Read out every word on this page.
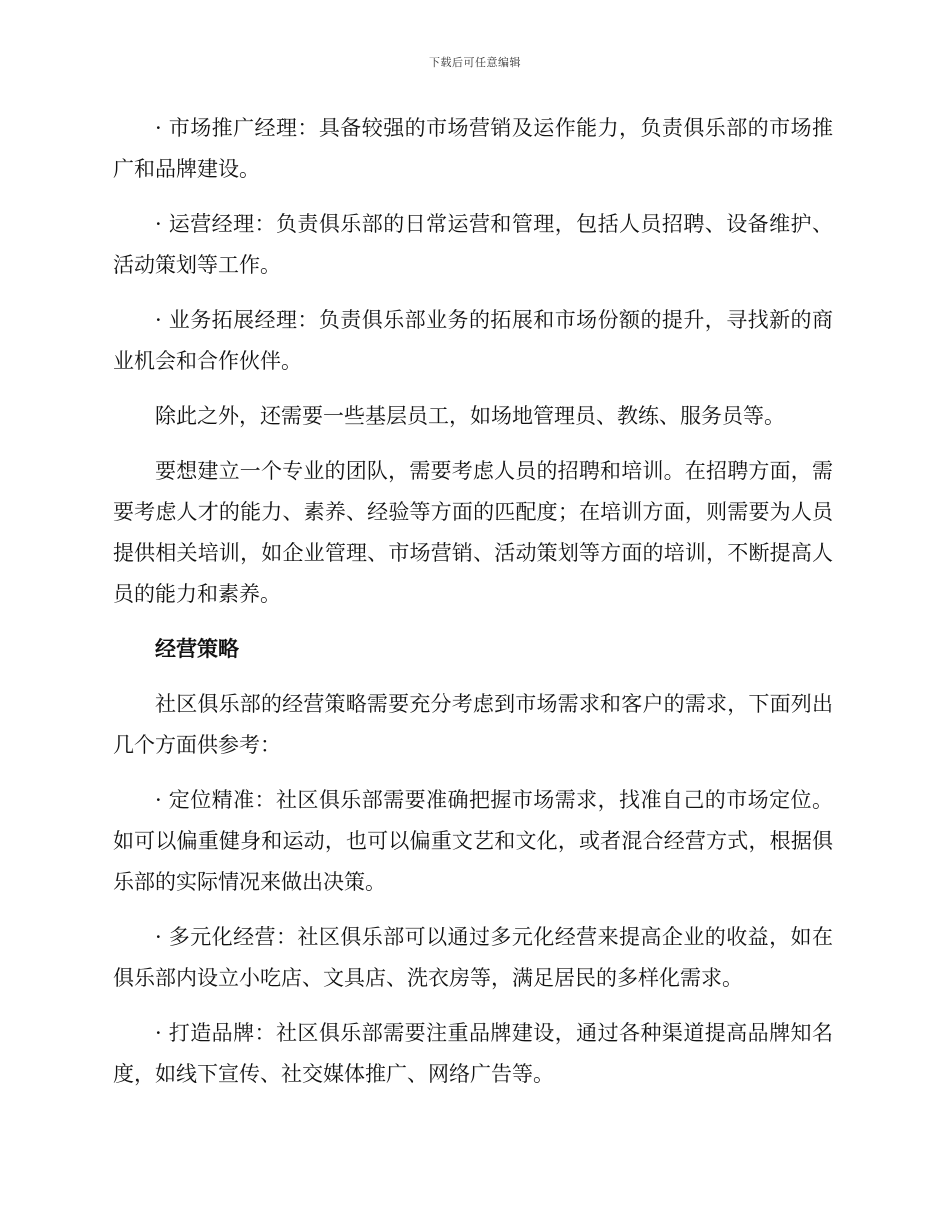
下载后可任意编辑

· 市场推广经理：具备较强的市场营销及运作能力，负责俱乐部的市场推广和品牌建设。

· 运营经理：负责俱乐部的日常运营和管理，包括人员招聘、设备维护、活动策划等工作。

· 业务拓展经理：负责俱乐部业务的拓展和市场份额的提升，寻找新的商业机会和合作伙伴。

除此之外，还需要一些基层员工，如场地管理员、教练、服务员等。

要想建立一个专业的团队，需要考虑人员的招聘和培训。在招聘方面，需要考虑人才的能力、素养、经验等方面的匹配度；在培训方面，则需要为人员提供相关培训，如企业管理、市场营销、活动策划等方面的培训，不断提高人员的能力和素养。

经营策略

社区俱乐部的经营策略需要充分考虑到市场需求和客户的需求，下面列出几个方面供参考：

· 定位精准：社区俱乐部需要准确把握市场需求，找准自己的市场定位。如可以偏重健身和运动，也可以偏重文艺和文化，或者混合经营方式，根据俱乐部的实际情况来做出决策。

· 多元化经营：社区俱乐部可以通过多元化经营来提高企业的收益，如在俱乐部内设立小吃店、文具店、洗衣房等，满足居民的多样化需求。

· 打造品牌：社区俱乐部需要注重品牌建设，通过各种渠道提高品牌知名度，如线下宣传、社交媒体推广、网络广告等。
